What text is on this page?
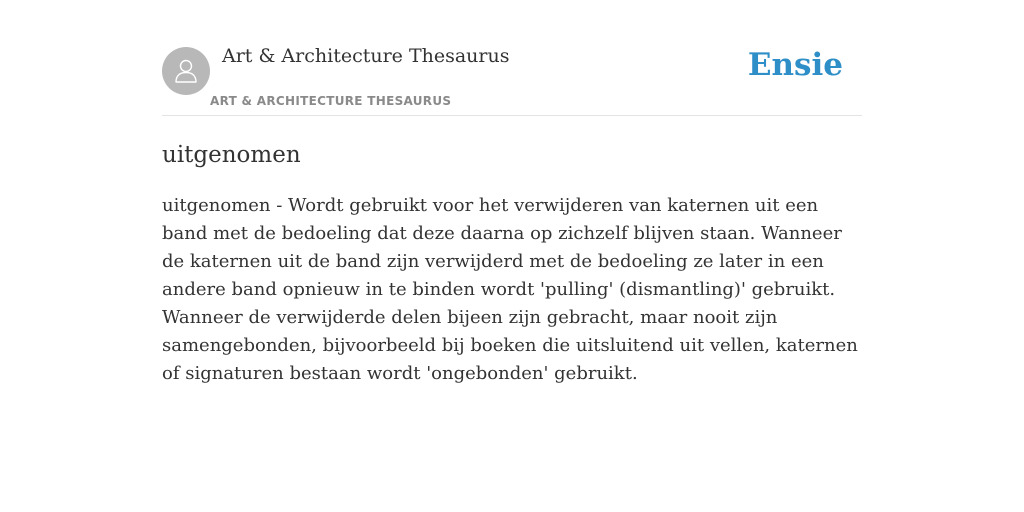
Art & Architecture Thesaurus
ART & ARCHITECTURE THESAURUS
Ensie
uitgenomen

uitgenomen - Wordt gebruikt voor het verwijderen van katernen uit een band met de bedoeling dat deze daarna op zichzelf blijven staan. Wanneer de katernen uit de band zijn verwijderd met de bedoeling ze later in een andere band opnieuw in te binden wordt 'pulling' (dismantling)' gebruikt. Wanneer de verwijderde delen bijeen zijn gebracht, maar nooit zijn samengebonden, bijvoorbeeld bij boeken die uitsluitend uit vellen, katernen of signaturen bestaan wordt 'ongebonden' gebruikt.
